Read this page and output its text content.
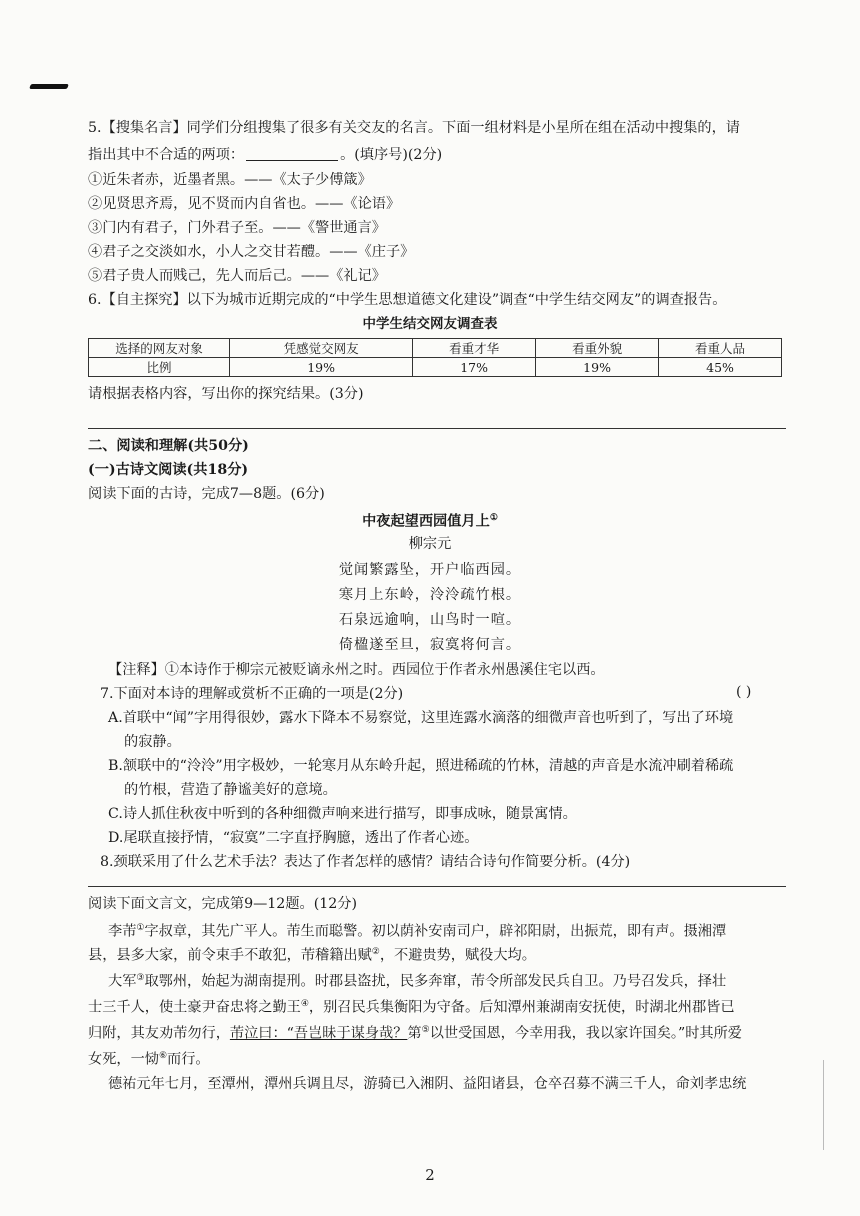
5.【搜集名言】同学们分组搜集了很多有关交友的名言。下面一组材料是小星所在组在活动中搜集的，请
指出其中不合适的两项：	。(填序号)(2分)
①近朱者赤，近墨者黑。——《太子少傅箴》
②见贤思齐焉，见不贤而内自省也。——《论语》
③门内有君子，门外君子至。——《警世通言》
④君子之交淡如水，小人之交甘若醴。——《庄子》
⑤君子贵人而贱己，先人而后己。——《礼记》
6.【自主探究】以下为城市近期完成的“中学生思想道德文化建设”调查“中学生结交网友”的调查报告。
中学生结交网友调查表
选择的网友对象	凭感觉交网友	看重才华	看重外貌	看重人品
比例	19%	17%	19%	45%
请根据表格内容，写出你的探究结果。(3分)
二、阅读和理解(共50分)
(一)古诗文阅读(共18分)
阅读下面的古诗，完成7—8题。(6分)
中夜起望西园值月上①
柳宗元
觉闻繁露坠，开户临西园。
寒月上东岭，泠泠疏竹根。
石泉远逾响，山鸟时一喧。
倚楹遂至旦，寂寞将何言。
【注释】①本诗作于柳宗元被贬谪永州之时。西园位于作者永州愚溪住宅以西。
7.下面对本诗的理解或赏析不正确的一项是(2分)	( )
A.首联中“闻”字用得很妙，露水下降本不易察觉，这里连露水滴落的细微声音也听到了，写出了环境
的寂静。
B.颔联中的“泠泠”用字极妙，一轮寒月从东岭升起，照进稀疏的竹林，清越的声音是水流冲刷着稀疏
的竹根，营造了静谧美好的意境。
C.诗人抓住秋夜中听到的各种细微声响来进行描写，即事成咏，随景寓情。
D.尾联直接抒情，“寂寞”二字直抒胸臆，透出了作者心迹。
8.颈联采用了什么艺术手法？表达了作者怎样的感情？请结合诗句作简要分析。(4分)
阅读下面文言文，完成第9—12题。(12分)
李芾①字叔章，其先广平人。芾生而聪警。初以荫补安南司户，辟祁阳尉，出振荒，即有声。摄湘潭
县，县多大家，前令束手不敢犯，芾稽籍出赋②，不避贵势，赋役大均。
大军③取鄂州，始起为湖南提刑。时郡县盗扰，民多奔窜，芾令所部发民兵自卫。乃号召发兵，择壮
士三千人，使土豪尹奋忠将之勤王④，别召民兵集衡阳为守备。后知潭州兼湖南安抚使，时湖北州郡皆已
归附，其友劝芾勿行，芾泣曰：“吾岂昧于谋身哉？第⑤以世受国恩，今幸用我，我以家许国矣。”时其所爱
女死，一恸⑥而行。
德祐元年七月，至潭州，潭州兵调且尽，游骑已入湘阴、益阳诸县，仓卒召募不满三千人，命刘孝忠统
2
